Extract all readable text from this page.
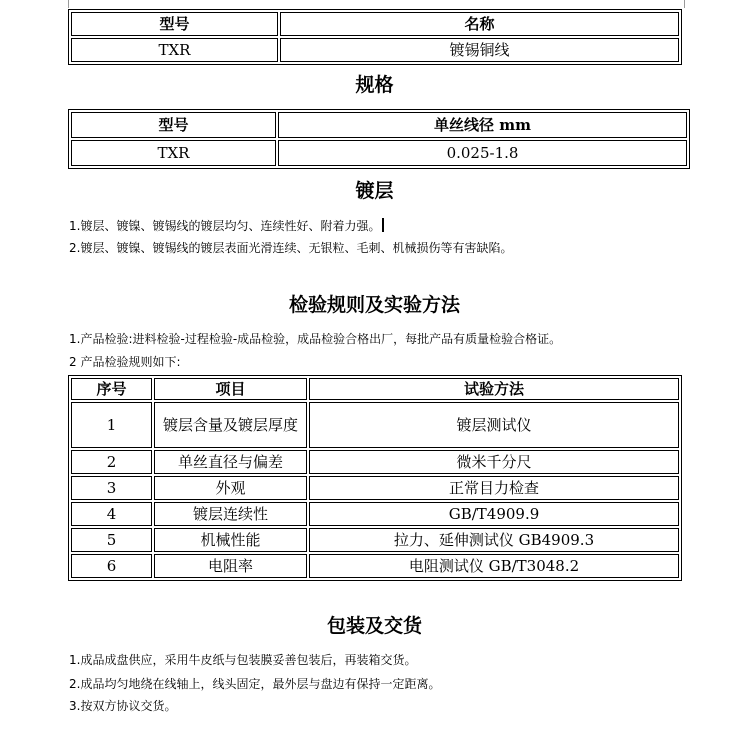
型号	名称
TXR	镀锡铜线
规格
型号	单丝线径 mm
TXR	0.025-1.8
镀层
1.镀层、镀镍、镀锡线的镀层均匀、连续性好、附着力强。
2.镀层、镀镍、镀锡线的镀层表面光滑连续、无银粒、毛刺、机械损伤等有害缺陷。
检验规则及实验方法
1.产品检验:进料检验-过程检验-成品检验，成品检验合格出厂，每批产品有质量检验合格证。
2 产品检验规则如下:
序号	项目	试验方法
1	镀层含量及镀层厚度	镀层测试仪
2	单丝直径与偏差	微米千分尺
3	外观	正常目力检查
4	镀层连续性	GB/T4909.9
5	机械性能	拉力、延伸测试仪 GB4909.3
6	电阻率	电阻测试仪 GB/T3048.2
包装及交货
1.成品成盘供应，采用牛皮纸与包装膜妥善包装后，再装箱交货。
2.成品均匀地绕在线轴上，线头固定，最外层与盘边有保持一定距离。
3.按双方协议交货。
